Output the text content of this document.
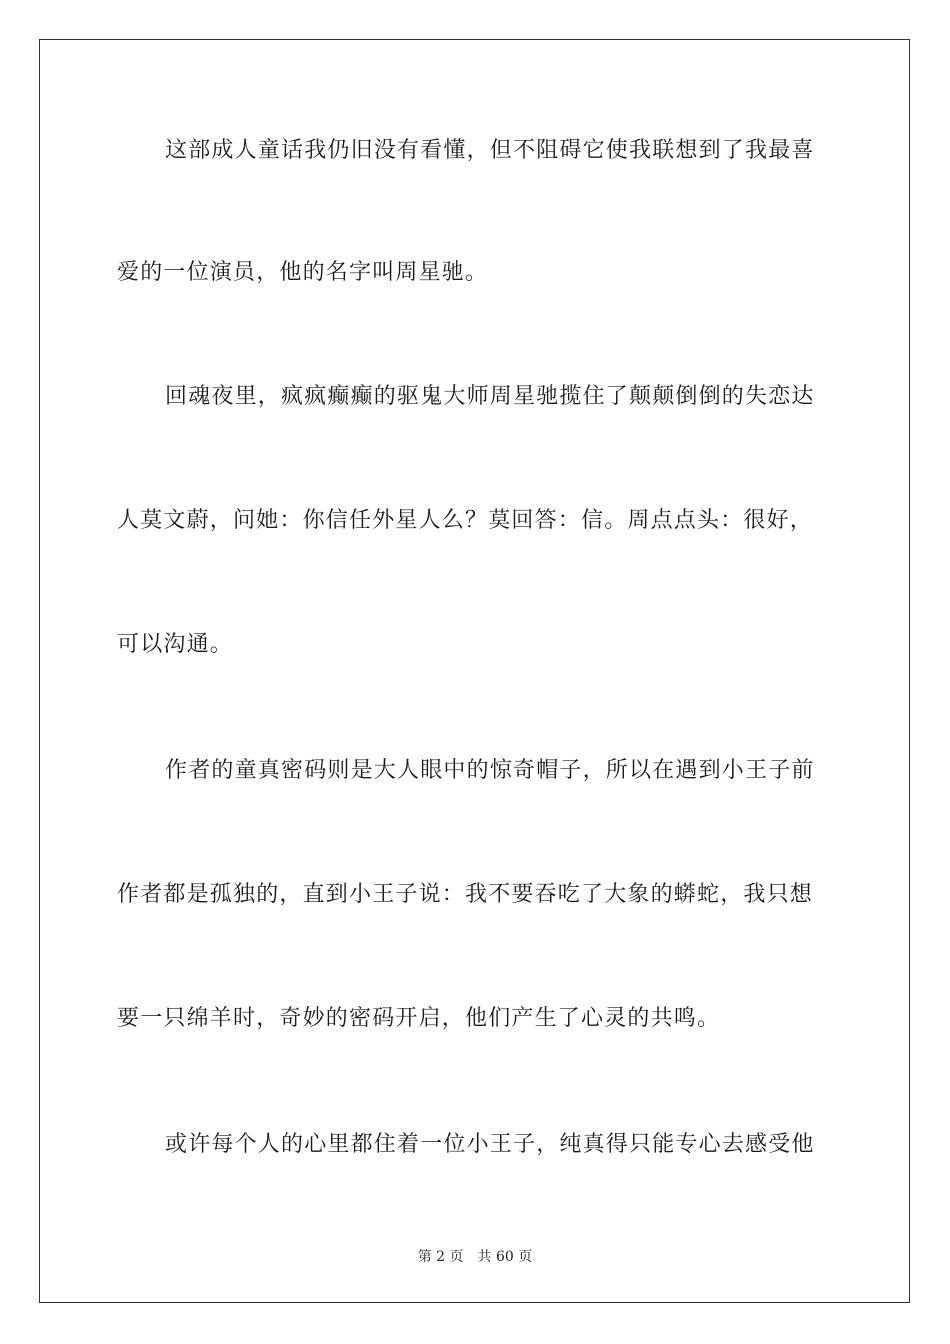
这部成人童话我仍旧没有看懂，但不阻碍它使我联想到了我最喜
爱的一位演员，他的名字叫周星驰。
回魂夜里，疯疯癫癫的驱鬼大师周星驰揽住了颠颠倒倒的失恋达
人莫文蔚，问她：你信任外星人么？莫回答：信。周点点头：很好，
可以沟通。
作者的童真密码则是大人眼中的惊奇帽子，所以在遇到小王子前
作者都是孤独的，直到小王子说：我不要吞吃了大象的蟒蛇，我只想
要一只绵羊时，奇妙的密码开启，他们产生了心灵的共鸣。
或许每个人的心里都住着一位小王子，纯真得只能专心去感受他
第 2 页 共 60 页
